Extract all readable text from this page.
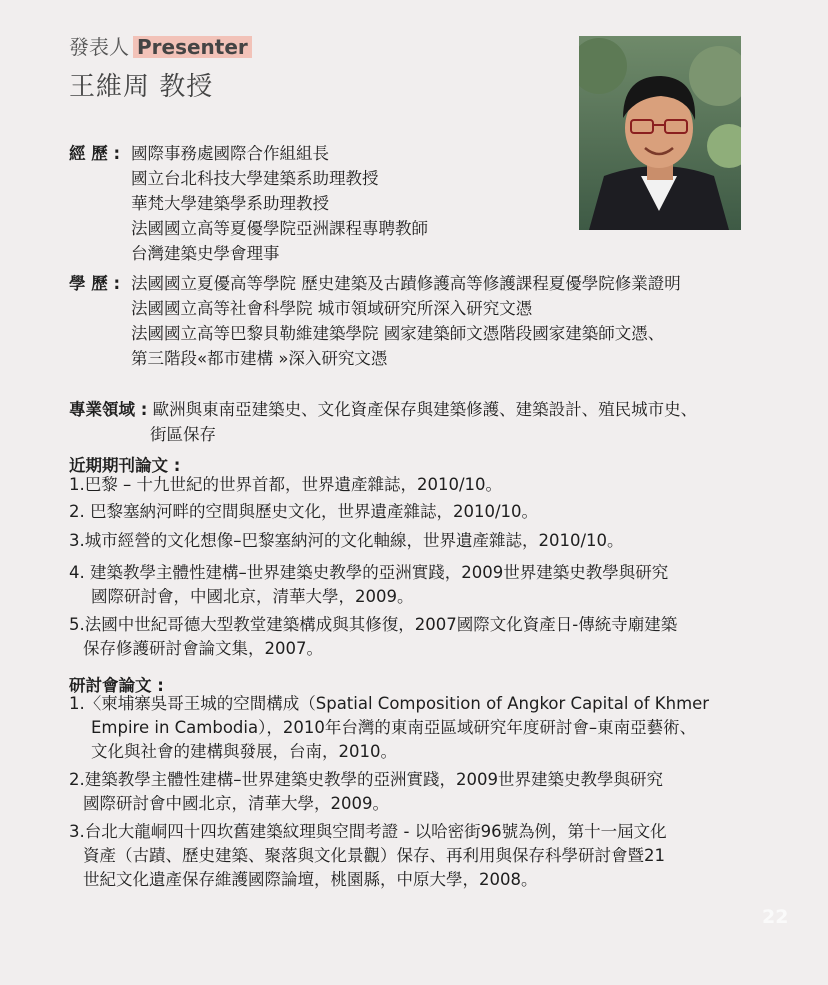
發表人 Presenter
王維周 教授
經 歷 : 國際事務處國際合作組組長
國立台北科技大學建築系助理教授
華梵大學建築學系助理教授
法國國立高等夏優學院亞洲課程專聘教師
台灣建築史學會理事
學 歷 : 法國國立夏優高等學院 歷史建築及古蹟修護高等修護課程夏優學院修業證明
法國國立高等社會科學院 城市領域研究所深入研究文憑
法國國立高等巴黎貝勒維建築學院 國家建築師文憑階段國家建築師文憑、
第三階段«都市建構 »深入研究文憑
專業領域 : 歐洲與東南亞建築史、文化資產保存與建築修護、建築設計、殖民城市史、
街區保存
近期期刊論文 :
1.巴黎 – 十九世紀的世界首都，世界遺產雜誌，2010/10。
2. 巴黎塞納河畔的空間與歷史文化，世界遺產雜誌，2010/10。
3.城市經營的文化想像–巴黎塞納河的文化軸線，世界遺產雜誌，2010/10。
4. 建築教學主體性建構–世界建築史教學的亞洲實踐，2009世界建築史教學與研究
國際研討會，中國北京，清華大學，2009。
5.法國中世紀哥德大型教堂建築構成與其修復，2007國際文化資產日-傳統寺廟建築
保存修護研討會論文集，2007。
研討會論文 :
1.〈柬埔寨吳哥王城的空間構成（Spatial Composition of Angkor Capital of Khmer
Empire in Cambodia），2010年台灣的東南亞區域研究年度研討會–東南亞藝術、
文化與社會的建構與發展，台南，2010。
2.建築教學主體性建構–世界建築史教學的亞洲實踐，2009世界建築史教學與研究
國際研討會中國北京，清華大學，2009。
3.台北大龍峒四十四坎舊建築紋理與空間考證 - 以哈密街96號為例，第十一屆文化
資產（古蹟、歷史建築、聚落與文化景觀）保存、再利用與保存科學研討會暨21
世紀文化遺產保存維護國際論壇，桃園縣，中原大學，2008。
22
